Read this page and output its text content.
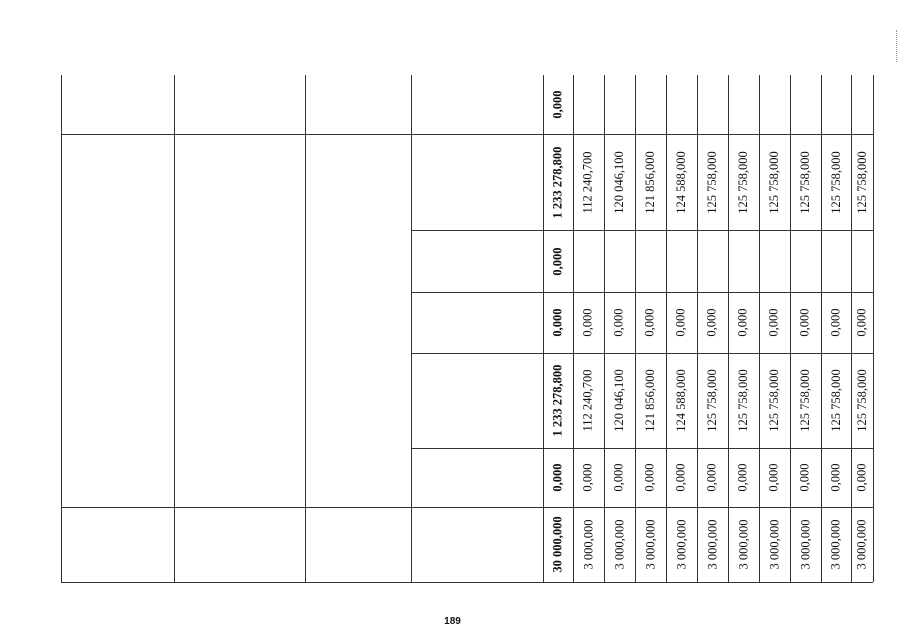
0,000
1 233 278,800 112 240,700 120 046,100 121 856,000 124 588,000 125 758,000 125 758,000 125 758,000 125 758,000 125 758,000 125 758,000
0,000
0,000 0,000 0,000 0,000 0,000 0,000 0,000 0,000 0,000 0,000 0,000
1 233 278,800 112 240,700 120 046,100 121 856,000 124 588,000 125 758,000 125 758,000 125 758,000 125 758,000 125 758,000 125 758,000
0,000 0,000 0,000 0,000 0,000 0,000 0,000 0,000 0,000 0,000 0,000
30 000,000 3 000,000 3 000,000 3 000,000 3 000,000 3 000,000 3 000,000 3 000,000 3 000,000 3 000,000 3 000,000
189
